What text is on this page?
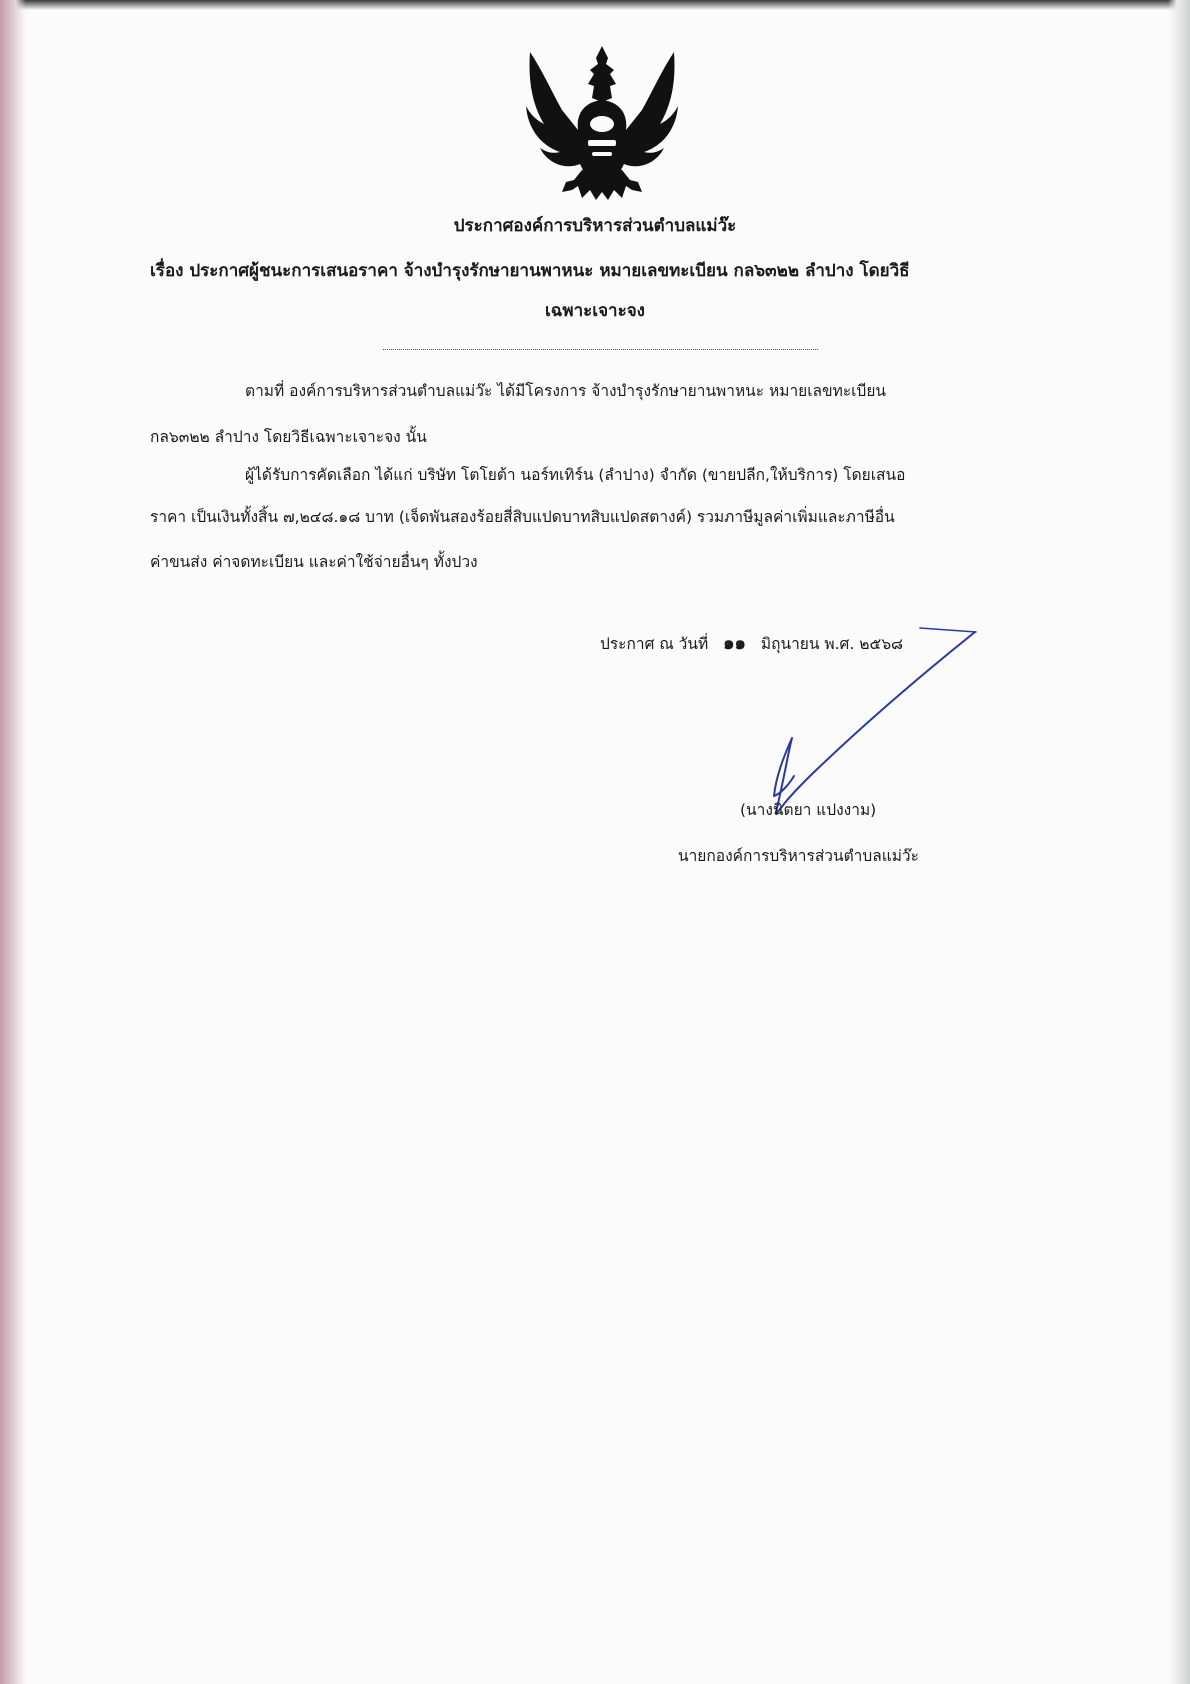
ประกาศองค์การบริหารส่วนตำบลแม่ว๊ะ
เรื่อง ประกาศผู้ชนะการเสนอราคา จ้างบำรุงรักษายานพาหนะ หมายเลขทะเบียน กล๖๓๒๒ ลำปาง โดยวิธี
เฉพาะเจาะจง
ตามที่ องค์การบริหารส่วนตำบลแม่ว๊ะ ได้มีโครงการ จ้างบำรุงรักษายานพาหนะ หมายเลขทะเบียน
กล๖๓๒๒ ลำปาง โดยวิธีเฉพาะเจาะจง นั้น
ผู้ได้รับการคัดเลือก ได้แก่ บริษัท โตโยต้า นอร์ทเทิร์น (ลำปาง) จำกัด (ขายปลีก,ให้บริการ) โดยเสนอ
ราคา เป็นเงินทั้งสิ้น ๗,๒๔๘.๑๘ บาท (เจ็ดพันสองร้อยสี่สิบแปดบาทสิบแปดสตางค์) รวมภาษีมูลค่าเพิ่มและภาษีอื่น
ค่าขนส่ง ค่าจดทะเบียน และค่าใช้จ่ายอื่นๆ ทั้งปวง
ประกาศ ณ วันที่ ๑๑ มิถุนายน พ.ศ. ๒๕๖๘
(นางนิตยา แปงงาม)
นายกองค์การบริหารส่วนตำบลแม่ว๊ะ
